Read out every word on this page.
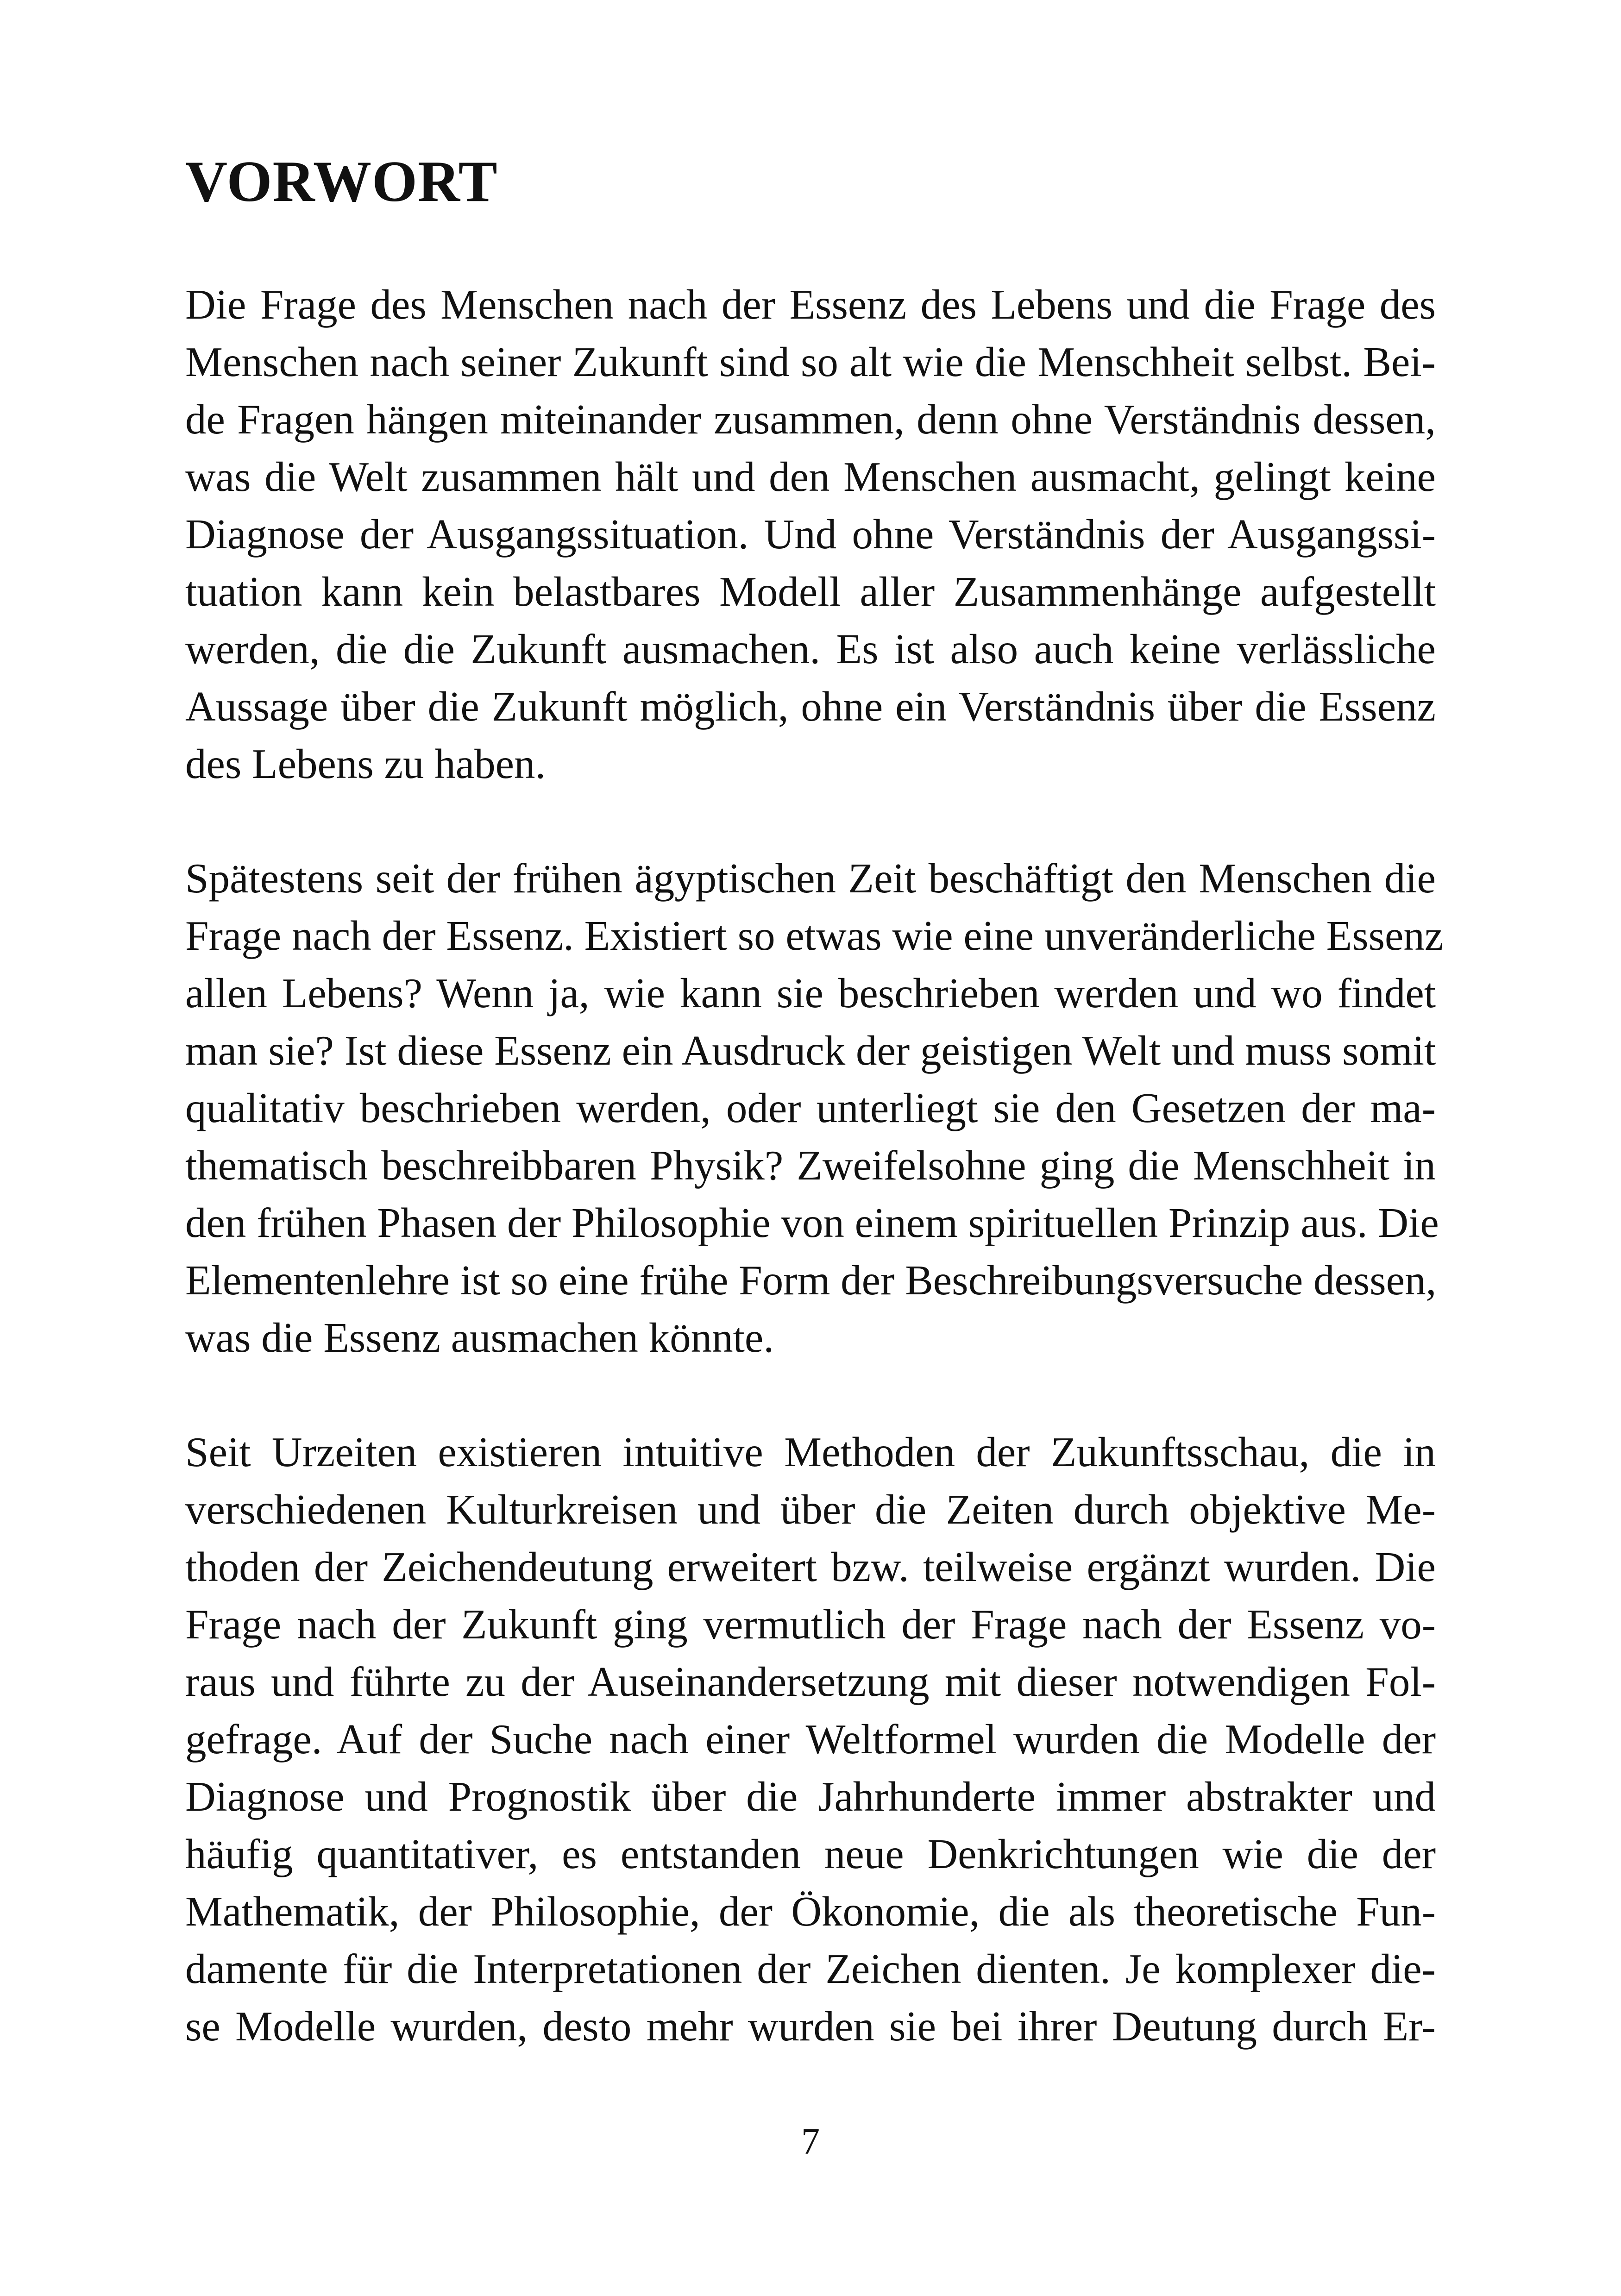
VORWORT
Die Frage des Menschen nach der Essenz des Lebens und die Frage des
Menschen nach seiner Zukunft sind so alt wie die Menschheit selbst. Bei-
de Fragen hängen miteinander zusammen, denn ohne Verständnis dessen,
was die Welt zusammen hält und den Menschen ausmacht, gelingt keine
Diagnose der Ausgangssituation. Und ohne Verständnis der Ausgangssi-
tuation kann kein belastbares Modell aller Zusammenhänge aufgestellt
werden, die die Zukunft ausmachen. Es ist also auch keine verlässliche
Aussage über die Zukunft möglich, ohne ein Verständnis über die Essenz
des Lebens zu haben.
Spätestens seit der frühen ägyptischen Zeit beschäftigt den Menschen die
Frage nach der Essenz. Existiert so etwas wie eine unveränderliche Essenz
allen Lebens? Wenn ja, wie kann sie beschrieben werden und wo findet
man sie? Ist diese Essenz ein Ausdruck der geistigen Welt und muss somit
qualitativ beschrieben werden, oder unterliegt sie den Gesetzen der ma-
thematisch beschreibbaren Physik? Zweifelsohne ging die Menschheit in
den frühen Phasen der Philosophie von einem spirituellen Prinzip aus. Die
Elementenlehre ist so eine frühe Form der Beschreibungsversuche dessen,
was die Essenz ausmachen könnte.
Seit Urzeiten existieren intuitive Methoden der Zukunftsschau, die in
verschiedenen Kulturkreisen und über die Zeiten durch objektive Me-
thoden der Zeichendeutung erweitert bzw. teilweise ergänzt wurden. Die
Frage nach der Zukunft ging vermutlich der Frage nach der Essenz vo-
raus und führte zu der Auseinandersetzung mit dieser notwendigen Fol-
gefrage. Auf der Suche nach einer Weltformel wurden die Modelle der
Diagnose und Prognostik über die Jahrhunderte immer abstrakter und
häufig quantitativer, es entstanden neue Denkrichtungen wie die der
Mathematik, der Philosophie, der Ökonomie, die als theoretische Fun-
damente für die Interpretationen der Zeichen dienten. Je komplexer die-
se Modelle wurden, desto mehr wurden sie bei ihrer Deutung durch Er-
7
